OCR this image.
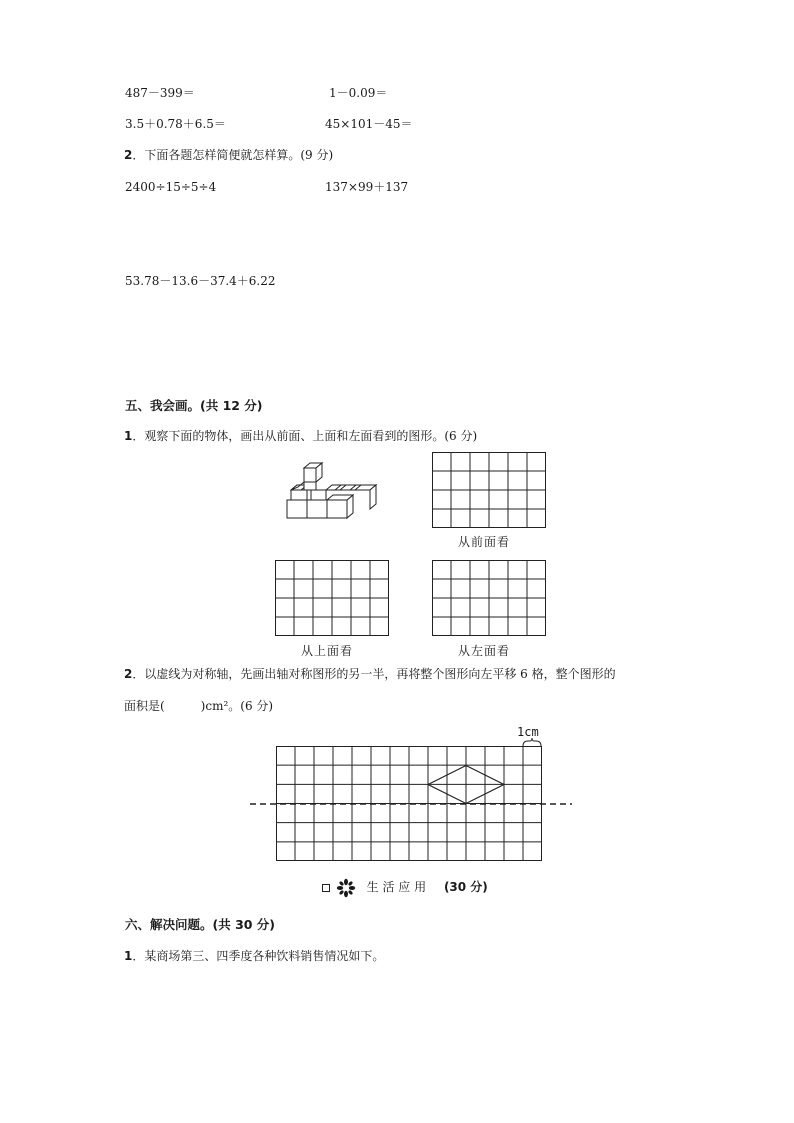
487－399＝	1－0.09＝
3.5＋0.78＋6.5＝	45×101－45＝
2．下面各题怎样简便就怎样算。(9 分)
2400÷15÷5÷4	137×99＋137
53.78－13.6－37.4＋6.22
五、我会画。(共 12 分)
1．观察下面的物体，画出从前面、上面和左面看到的图形。(6 分)
从前面看
从上面看	从左面看
2．以虚线为对称轴，先画出轴对称图形的另一半，再将整个图形向左平移 6 格，整个图形的
面积是(　　　)cm²。(6 分)
1cm
生 活 应 用 (30 分)
六、解决问题。(共 30 分)
1．某商场第三、四季度各种饮料销售情况如下。
